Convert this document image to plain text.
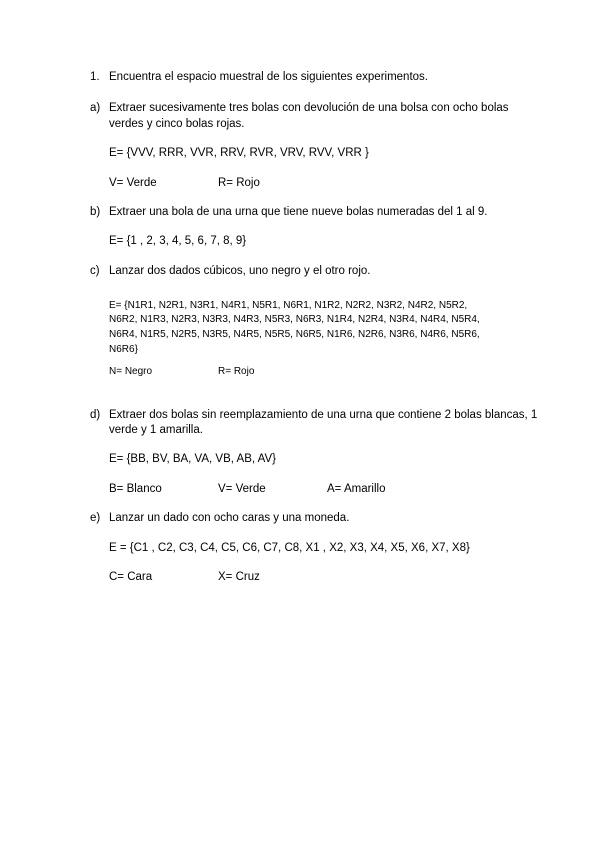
1. Encuentra el espacio muestral de los siguientes experimentos.
a) Extraer sucesivamente tres bolas con devolución de una bolsa con ocho bolas
verdes y cinco bolas rojas.
E= {VVV, RRR, VVR, RRV, RVR, VRV, RVV, VRR }
V= Verde	R= Rojo
b) Extraer una bola de una urna que tiene nueve bolas numeradas del 1 al 9.
E= {1 , 2, 3, 4, 5, 6, 7, 8, 9}
c) Lanzar dos dados cúbicos, uno negro y el otro rojo.
E= {N1R1, N2R1, N3R1, N4R1, N5R1, N6R1, N1R2, N2R2, N3R2, N4R2, N5R2,
N6R2, N1R3, N2R3, N3R3, N4R3, N5R3, N6R3, N1R4, N2R4, N3R4, N4R4, N5R4,
N6R4, N1R5, N2R5, N3R5, N4R5, N5R5, N6R5, N1R6, N2R6, N3R6, N4R6, N5R6,
N6R6}
N= Negro	R= Rojo
d) Extraer dos bolas sin reemplazamiento de una urna que contiene 2 bolas blancas, 1
verde y 1 amarilla.
E= {BB, BV, BA, VA, VB, AB, AV}
B= Blanco	V= Verde	A= Amarillo
e) Lanzar un dado con ocho caras y una moneda.
E = {C1 , C2, C3, C4, C5, C6, C7, C8, X1 , X2, X3, X4, X5, X6, X7, X8}
C= Cara	X= Cruz
